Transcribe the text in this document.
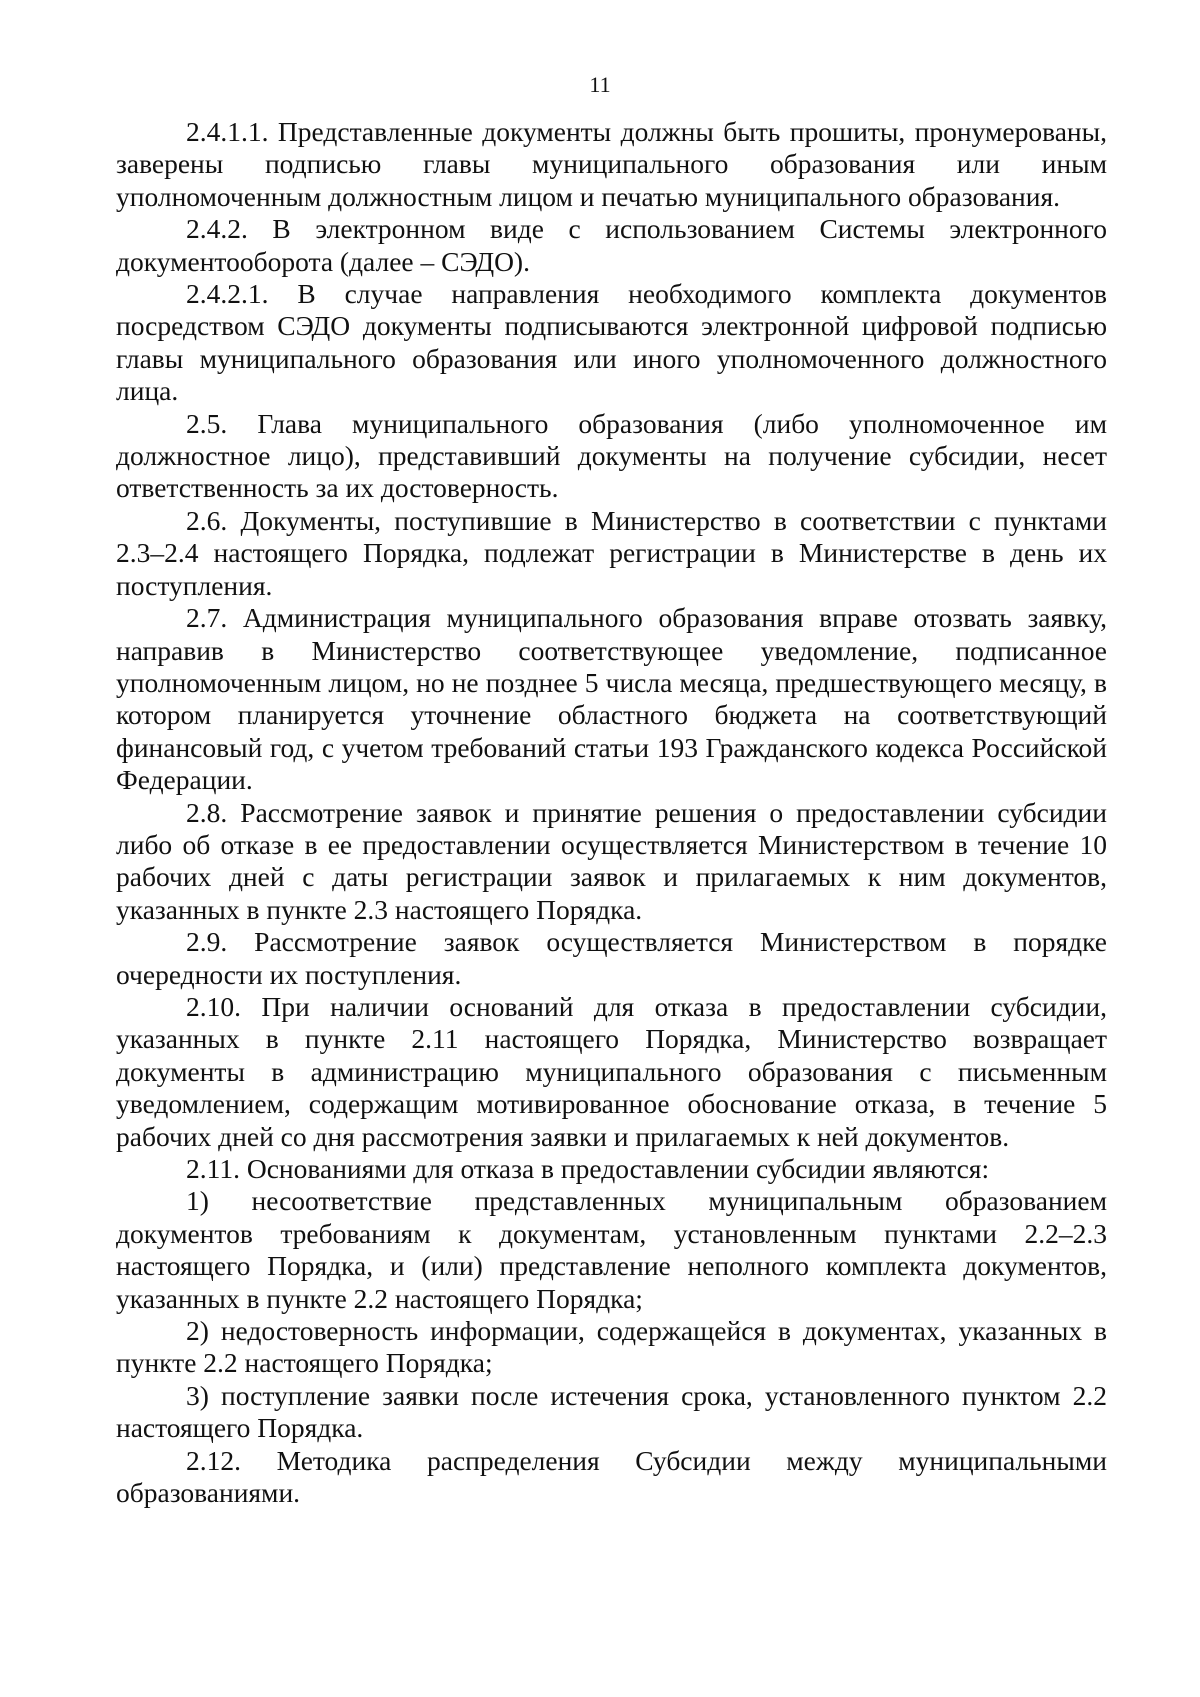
11

2.4.1.1. Представленные документы должны быть прошиты, пронумерованы, заверены подписью главы муниципального образования или иным уполномоченным должностным лицом и печатью муниципального образования.

2.4.2. В электронном виде с использованием Системы электронного документооборота (далее – СЭДО).

2.4.2.1. В случае направления необходимого комплекта документов посредством СЭДО документы подписываются электронной цифровой подписью главы муниципального образования или иного уполномоченного должностного лица.

2.5. Глава муниципального образования (либо уполномоченное им должностное лицо), представивший документы на получение субсидии, несет ответственность за их достоверность.

2.6. Документы, поступившие в Министерство в соответствии с пунктами 2.3–2.4 настоящего Порядка, подлежат регистрации в Министерстве в день их поступления.

2.7. Администрация муниципального образования вправе отозвать заявку, направив в Министерство соответствующее уведомление, подписанное уполномоченным лицом, но не позднее 5 числа месяца, предшествующего месяцу, в котором планируется уточнение областного бюджета на соответствующий финансовый год, с учетом требований статьи 193 Гражданского кодекса Российской Федерации.

2.8. Рассмотрение заявок и принятие решения о предоставлении субсидии либо об отказе в ее предоставлении осуществляется Министерством в течение 10 рабочих дней с даты регистрации заявок и прилагаемых к ним документов, указанных в пункте 2.3 настоящего Порядка.

2.9. Рассмотрение заявок осуществляется Министерством в порядке очередности их поступления.

2.10. При наличии оснований для отказа в предоставлении субсидии, указанных в пункте 2.11 настоящего Порядка, Министерство возвращает документы в администрацию муниципального образования с письменным уведомлением, содержащим мотивированное обоснование отказа, в течение 5 рабочих дней со дня рассмотрения заявки и прилагаемых к ней документов.

2.11. Основаниями для отказа в предоставлении субсидии являются:

1) несоответствие представленных муниципальным образованием документов требованиям к документам, установленным пунктами 2.2–2.3 настоящего Порядка, и (или) представление неполного комплекта документов, указанных в пункте 2.2 настоящего Порядка;

2) недостоверность информации, содержащейся в документах, указанных в пункте 2.2 настоящего Порядка;

3) поступление заявки после истечения срока, установленного пунктом 2.2 настоящего Порядка.

2.12. Методика распределения Субсидии между муниципальными образованиями.
